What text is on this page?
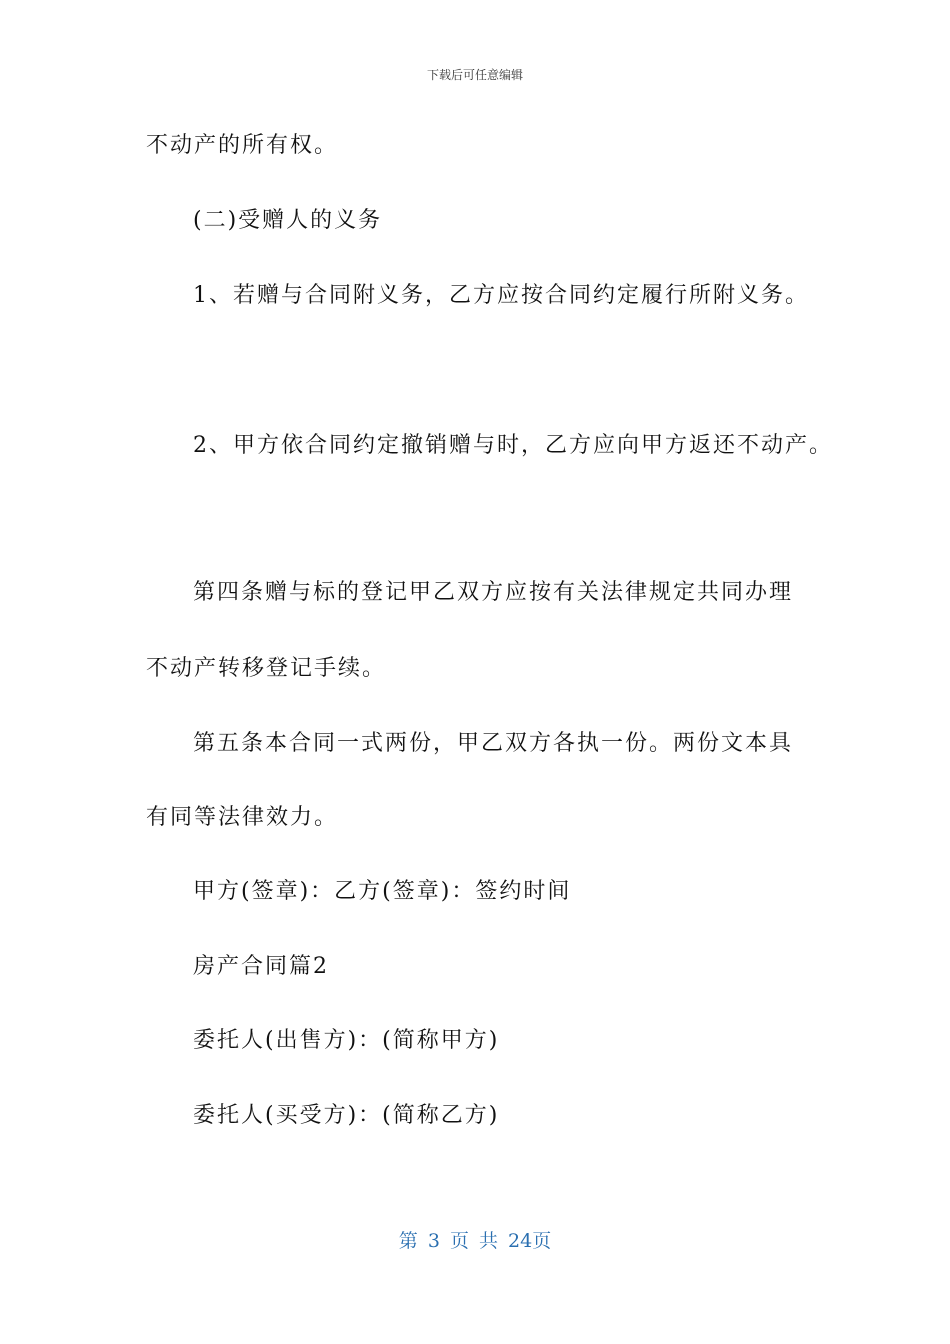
下载后可任意编辑
不动产的所有权。
(二)受赠人的义务
1、若赠与合同附义务，乙方应按合同约定履行所附义务。
2、甲方依合同约定撤销赠与时，乙方应向甲方返还不动产。
第四条赠与标的登记甲乙双方应按有关法律规定共同办理
不动产转移登记手续。
第五条本合同一式两份，甲乙双方各执一份。两份文本具
有同等法律效力。
甲方(签章)：乙方(签章)：签约时间
房产合同篇2
委托人(出售方)：(简称甲方)
委托人(买受方)：(简称乙方)
第 3 页 共 24页
